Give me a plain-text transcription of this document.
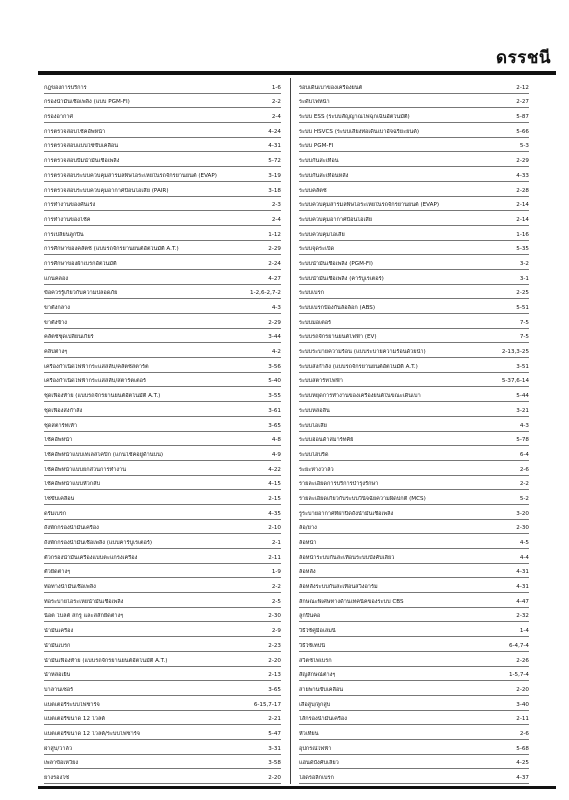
ดรรชนี
กฎของการบริการ	1-6
กรองน้ำมันเชื้อเพลิง (แบบ PGM-FI)	2-2
กรองอากาศ	2-4
การตรวจสอบโช้คอัพหน้า	4-24
การตรวจสอบแบบโซ่ขับเคลื่อน	4-31
การตรวจสอบปั๊มน้ำมันเชื้อเพลิง	5-72
การตรวจสอบระบบควบคุมสารมลพิษไอระเหยในรถจักรยานยนต์ (EVAP)	3-19
การตรวจสอบระบบควบคุมอากาศป้อนไอเสีย (PAIR)	3-18
การทำงานของคันเร่ง	2-3
การทำงานของโช้ค	2-4
การเปลี่ยนลูกปืน	1-12
การศึกษาของคลัตช์ (แบบรถจักรยานยนต์อัตโนมัติ A.T.)	2-29
การศึกษาของผ้าเบรกอัตโนมัติ	2-24
แกนคลอง	4-27
ข้อควรรู้เกี่ยวกับความปลอดภัย	1-2,6-2,7-2
ขาตั้งกลาง	4-3
ขาตั้งข้าง	2-29
คลัตช์ชุดเปลี่ยนเกียร์	3-44
คลิปต่างๆ	4-2
เครื่องกำเนิดไฟฟ้ากระแสสลับ/คลัตช์สตาร์ต	3-56
เครื่องกำเนิดไฟฟ้ากระแสสลับ/สตาร์ตเตอร์	5-40
ชุดเฟืองท้าย (แบบรถจักรยานยนต์อัตโนมัติ A.T.)	3-55
ชุดเฟืองส่งกำลัง	3-61
ชุดสตาร์ทเท้า	3-65
โช้คอัพหน้า	4-8
โช้คอัพหน้าแบบเทเลสโคปิก (แกนโช้คอยู่ด้านบน)	4-9
โช้คอัพหน้าแบบยกส่วนการทำงาน	4-22
โช้คอัพหน้าแบบหัวกลับ	4-15
โซ่ขับเคลื่อน	2-15
ดรัมเบรก	4-35
ถังพักกรองน้ำมันเครื่อง	2-10
ถังพักกรองน้ำมันเชื้อเพลิง (แบบคาร์บูเรเตอร์)	2-1
ตัวกรองน้ำมันเครื่องแบบตะแกรงเครื่อง	2-11
ตัวยึดต่างๆ	1-9
ท่อทางน้ำมันเชื้อเพลิง	2-2
ท่อระบายไอระเหยน้ำมันเชื้อเพลิง	2-5
น็อต โบลต์ สกรู และสลักยึดต่างๆ	2-30
น้ำมันเครื่อง	2-9
น้ำมันเบรก	2-23
น้ำมันเฟืองท้าย (แบบรถจักรยานยนต์อัตโนมัติ A.T.)	2-20
น้ำหล่อเย็น	2-13
บาลานเซอร์	3-65
แบตเตอรี่ระบบไฟชาร์จ	6-15,7-17
แบตเตอรี่ขนาด 12 โวลต์	2-21
แบตเตอรี่ขนาด 12 โวลต์/ระบบไฟชาร์จ	5-47
ฝาสูบ/วาล์ว	3-31
เพลาข้อเหวี่ยง	3-58
ยางรองโซ่	2-20
รอบเดินเบาของเครื่องยนต์	2-12
ระดับไฟหน้า	2-27
ระบบ ESS (ระบบสัญญาณไฟฉุกเฉินอัตโนมัติ)	5-87
ระบบ HSVCS (ระบบเสียงท่อเดินเบาอัจฉริยะยนต์)	5-66
ระบบ PGM-FI	5-3
ระบบกันสะเทือน	2-29
ระบบกันสะเทือนหลัง	4-33
ระบบคลัตช์	2-28
ระบบควบคุมสารมลพิษไอระเหยในรถจักรยานยนต์ (EVAP)	2-14
ระบบควบคุมอากาศป้อนไอเสีย	2-14
ระบบควบคุมไอเสีย	1-16
ระบบจุดระเบิด	5-35
ระบบน้ำมันเชื้อเพลิง (PGM-FI)	3-2
ระบบน้ำมันเชื้อเพลิง (คาร์บูเรเตอร์)	3-1
ระบบเบรก	2-25
ระบบเบรกป้องกันล้อล็อก (ABS)	5-51
ระบบมอเตอร์	7-5
ระบบรถจักรยานยนต์ไฟฟ้า (EV)	7-5
ระบบระบายความร้อน (แบบระบายความร้อนด้วยน้ำ)	2-13,3-25
ระบบส่งกำลัง (แบบรถจักรยานยนต์อัตโนมัติ A.T.)	3-51
ระบบสตาร์ทไฟฟ้า	5-37,6-14
ระบบหยุดการทำงานของเครื่องยนต์ในขณะเดินเบา	5-44
ระบบหล่อลื่น	3-21
ระบบไอเสีย	4-3
ระบบฮอนด้าสมาร์ทคีย์	5-78
ระบบไฮบริด	6-4
ระยะห่างวาล์ว	2-6
รายละเอียดการบริการบำรุงรักษา	2-2
รายละเอียดเกี่ยวกับระบบวินิจฉัยความผิดปกติ (MCS)	5-2
รูระบายอากาศที่ฝาปิดถังน้ำมันเชื้อเพลิง	3-20
ล้อ/ยาง	2-30
ล้อหน้า	4-5
ล้อหน้าระบบกันสะเทือนระบบบังคับเลี้ยว	4-4
ล้อหลัง	4-31
ล้อหลังระบบกันสะเทือนสวิงอาร์ม	4-31
ลักษณะพิเศษทางด้านเทคนิคของระบบ CBS	4-47
ลูกปืนคอ	2-32
วิธีใช้คู่มือเล่มนี้	1-4
วิธีใช้เทปนี้	6-4,7-4
สวิตช์ไฟเบรก	2-26
สัญลักษณ์ต่างๆ	1-5,7-4
สายพานขับเคลื่อน	2-20
เสื้อสูบ/ลูกสูบ	3-40
ไส้กรองน้ำมันเครื่อง	2-11
หัวเทียน	2-6
อุปกรณ์ไฟฟ้า	5-68
แฮนด์บังคับเลี้ยว	4-25
ไฮดรอลิกเบรก	4-37
